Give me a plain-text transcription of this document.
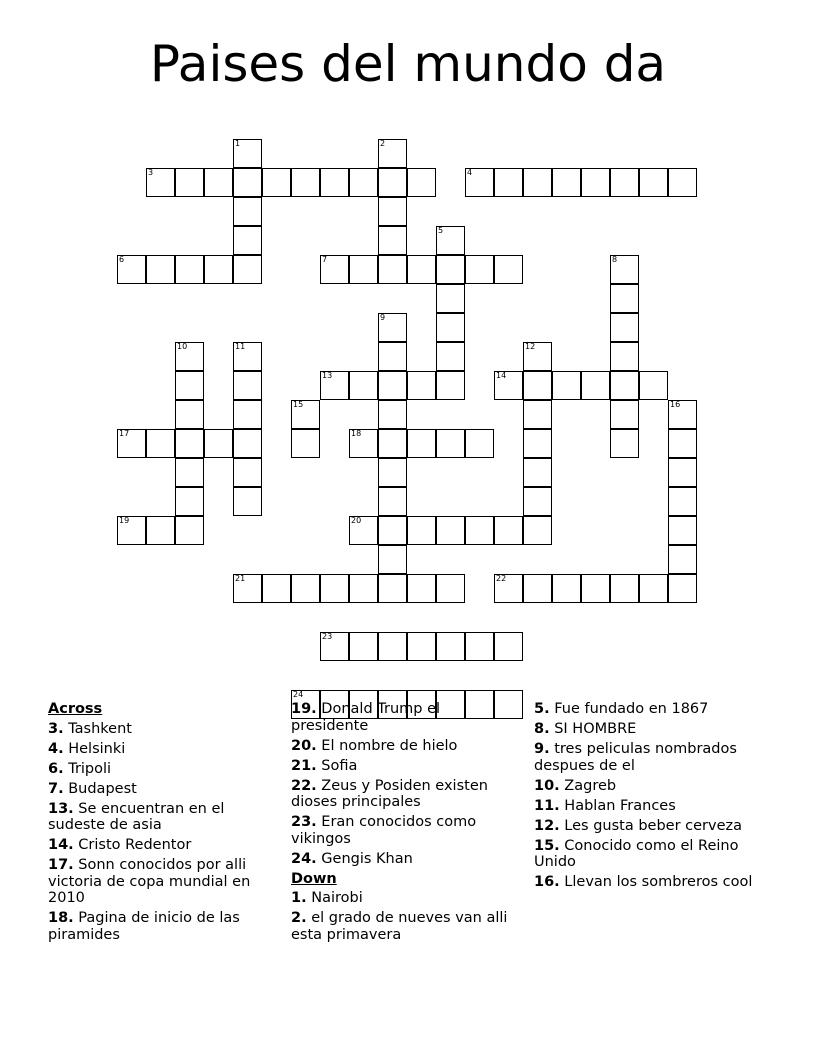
Paises del mundo da
1	2
3	4
5
6	7	8
9
10	11	12
13	14
15	16
17	18
19	20
21	22
23
24
Across
3. Tashkent
4. Helsinki
6. Tripoli
7. Budapest
13. Se encuentran en el sudeste de asia
14. Cristo Redentor
17. Sonn conocidos por alli victoria de copa mundial en 2010
18. Pagina de inicio de las piramides
19. Donald Trump el presidente
20. El nombre de hielo
21. Sofia
22. Zeus y Posiden existen dioses principales
23. Eran conocidos como vikingos
24. Gengis Khan
Down
1. Nairobi
2. el grado de nueves van alli esta primavera
5. Fue fundado en 1867
8. SI HOMBRE
9. tres peliculas nombrados despues de el
10. Zagreb
11. Hablan Frances
12. Les gusta beber cerveza
15. Conocido como el Reino Unido
16. Llevan los sombreros cool
